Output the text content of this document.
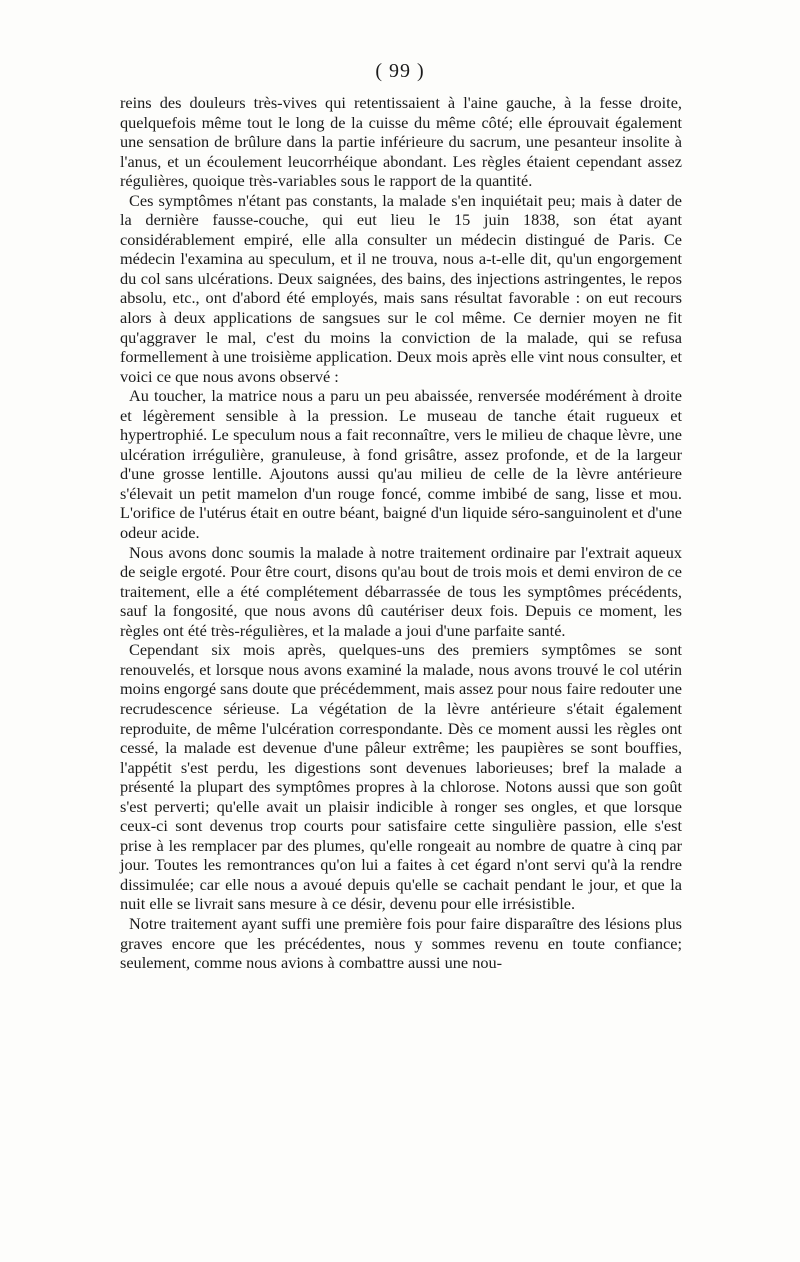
( 99 )

reins des douleurs très-vives qui retentissaient à l'aine gauche, à la fesse droite, quelquefois même tout le long de la cuisse du même côté; elle éprouvait également une sensation de brûlure dans la partie inférieure du sacrum, une pesanteur insolite à l'anus, et un écoulement leucorrhéique abondant. Les règles étaient cependant assez régulières, quoique très-variables sous le rapport de la quantité.

Ces symptômes n'étant pas constants, la malade s'en inquiétait peu; mais à dater de la dernière fausse-couche, qui eut lieu le 15 juin 1838, son état ayant considérablement empiré, elle alla consulter un médecin distingué de Paris. Ce médecin l'examina au speculum, et il ne trouva, nous a-t-elle dit, qu'un engorgement du col sans ulcérations. Deux saignées, des bains, des injections astringentes, le repos absolu, etc., ont d'abord été employés, mais sans résultat favorable : on eut recours alors à deux applications de sangsues sur le col même. Ce dernier moyen ne fit qu'aggraver le mal, c'est du moins la conviction de la malade, qui se refusa formellement à une troisième application. Deux mois après elle vint nous consulter, et voici ce que nous avons observé :

Au toucher, la matrice nous a paru un peu abaissée, renversée modérément à droite et légèrement sensible à la pression. Le museau de tanche était rugueux et hypertrophié. Le speculum nous a fait reconnaître, vers le milieu de chaque lèvre, une ulcération irrégulière, granuleuse, à fond grisâtre, assez profonde, et de la largeur d'une grosse lentille. Ajoutons aussi qu'au milieu de celle de la lèvre antérieure s'élevait un petit mamelon d'un rouge foncé, comme imbibé de sang, lisse et mou. L'orifice de l'utérus était en outre béant, baigné d'un liquide séro-sanguinolent et d'une odeur acide.

Nous avons donc soumis la malade à notre traitement ordinaire par l'extrait aqueux de seigle ergoté. Pour être court, disons qu'au bout de trois mois et demi environ de ce traitement, elle a été complétement débarrassée de tous les symptômes précédents, sauf la fongosité, que nous avons dû cautériser deux fois. Depuis ce moment, les règles ont été très-régulières, et la malade a joui d'une parfaite santé.

Cependant six mois après, quelques-uns des premiers symptômes se sont renouvelés, et lorsque nous avons examiné la malade, nous avons trouvé le col utérin moins engorgé sans doute que précédemment, mais assez pour nous faire redouter une recrudescence sérieuse. La végétation de la lèvre antérieure s'était également reproduite, de même l'ulcération correspondante. Dès ce moment aussi les règles ont cessé, la malade est devenue d'une pâleur extrême; les paupières se sont bouffies, l'appétit s'est perdu, les digestions sont devenues laborieuses; bref la malade a présenté la plupart des symptômes propres à la chlorose. Notons aussi que son goût s'est perverti; qu'elle avait un plaisir indicible à ronger ses ongles, et que lorsque ceux-ci sont devenus trop courts pour satisfaire cette singulière passion, elle s'est prise à les remplacer par des plumes, qu'elle rongeait au nombre de quatre à cinq par jour. Toutes les remontrances qu'on lui a faites à cet égard n'ont servi qu'à la rendre dissimulée; car elle nous a avoué depuis qu'elle se cachait pendant le jour, et que la nuit elle se livrait sans mesure à ce désir, devenu pour elle irrésistible.

Notre traitement ayant suffi une première fois pour faire disparaître des lésions plus graves encore que les précédentes, nous y sommes revenu en toute confiance; seulement, comme nous avions à combattre aussi une nou-
